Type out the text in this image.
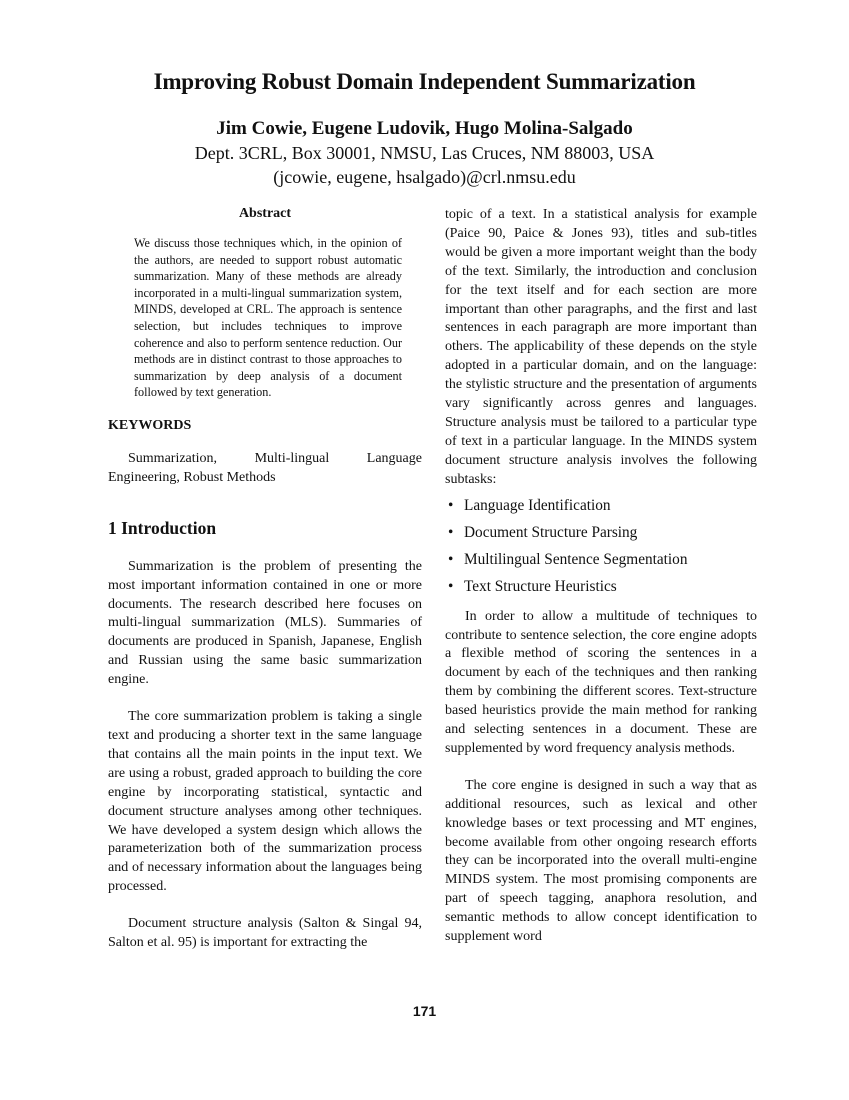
Improving Robust Domain Independent Summarization

Jim Cowie, Eugene Ludovik, Hugo Molina-Salgado

Dept. 3CRL, Box 30001, NMSU, Las Cruces, NM 88003, USA

(jcowie, eugene, hsalgado)@crl.nmsu.edu

Abstract

We discuss those techniques which, in the opinion of the authors, are needed to support robust automatic summarization. Many of these methods are already incorporated in a multi-lingual summarization system, MINDS, developed at CRL. The approach is sentence selection, but includes techniques to improve coherence and also to perform sentence reduction. Our methods are in distinct contrast to those approaches to summarization by deep analysis of a document followed by text generation.

KEYWORDS

Summarization, Multi-lingual Language Engineering, Robust Methods

1 Introduction

Summarization is the problem of presenting the most important information contained in one or more documents. The research described here focuses on multi-lingual summarization (MLS). Summaries of documents are produced in Spanish, Japanese, English and Russian using the same basic summarization engine.

The core summarization problem is taking a single text and producing a shorter text in the same language that contains all the main points in the input text. We are using a robust, graded approach to building the core engine by incorporating statistical, syntactic and document structure analyses among other techniques. We have developed a system design which allows the parameterization both of the summarization process and of necessary information about the languages being processed.

Document structure analysis (Salton & Singal 94, Salton et al. 95) is important for extracting the

topic of a text. In a statistical analysis for example (Paice 90, Paice & Jones 93), titles and sub-titles would be given a more important weight than the body of the text. Similarly, the introduction and conclusion for the text itself and for each section are more important than other paragraphs, and the first and last sentences in each paragraph are more important than others. The applicability of these depends on the style adopted in a particular domain, and on the language: the stylistic structure and the presentation of arguments vary significantly across genres and languages. Structure analysis must be tailored to a particular type of text in a particular language. In the MINDS system document structure analysis involves the following subtasks:

• Language Identification
• Document Structure Parsing
• Multilingual Sentence Segmentation
• Text Structure Heuristics

In order to allow a multitude of techniques to contribute to sentence selection, the core engine adopts a flexible method of scoring the sentences in a document by each of the techniques and then ranking them by combining the different scores. Text-structure based heuristics provide the main method for ranking and selecting sentences in a document. These are supplemented by word frequency analysis methods.

The core engine is designed in such a way that as additional resources, such as lexical and other knowledge bases or text processing and MT engines, become available from other ongoing research efforts they can be incorporated into the overall multi-engine MINDS system. The most promising components are part of speech tagging, anaphora resolution, and semantic methods to allow concept identification to supplement word

171
